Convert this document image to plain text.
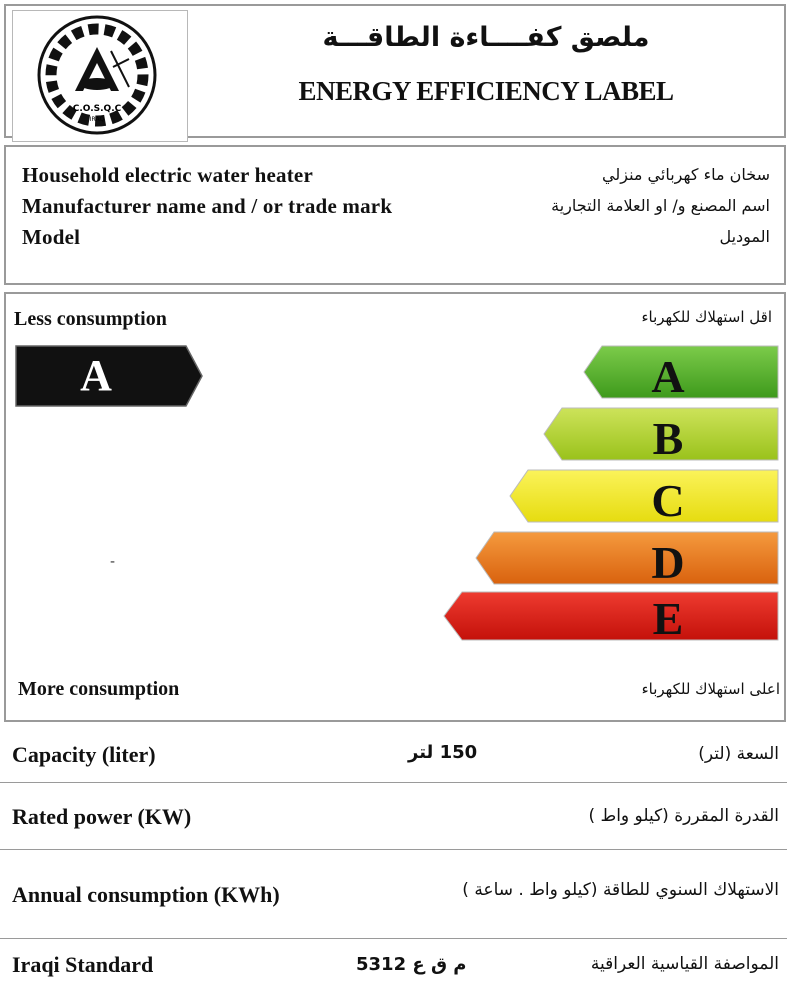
C.O.S.Q.C
IRAQ
ملصق كفــــاءة الطاقـــة
ENERGY EFFICIENCY LABEL
Household electric water heater
Manufacturer name and / or trade mark
Model
سخان ماء كهربائي منزلي
اسم المصنع و/ او العلامة التجارية
الموديل
Less consumption	اقل استهلاك للكهرباء
A	A
B
C
D
E
-
More consumption	اعلى استهلاك للكهرباء
Capacity (liter)	150 لتر	السعة (لتر)
Rated power (KW)	القدرة المقررة (كيلو واط )
Annual consumption (KWh)	الاستهلاك السنوي للطاقة (كيلو واط . ساعة )
Iraqi Standard	م ق ع 5312	المواصفة القياسية العراقية
